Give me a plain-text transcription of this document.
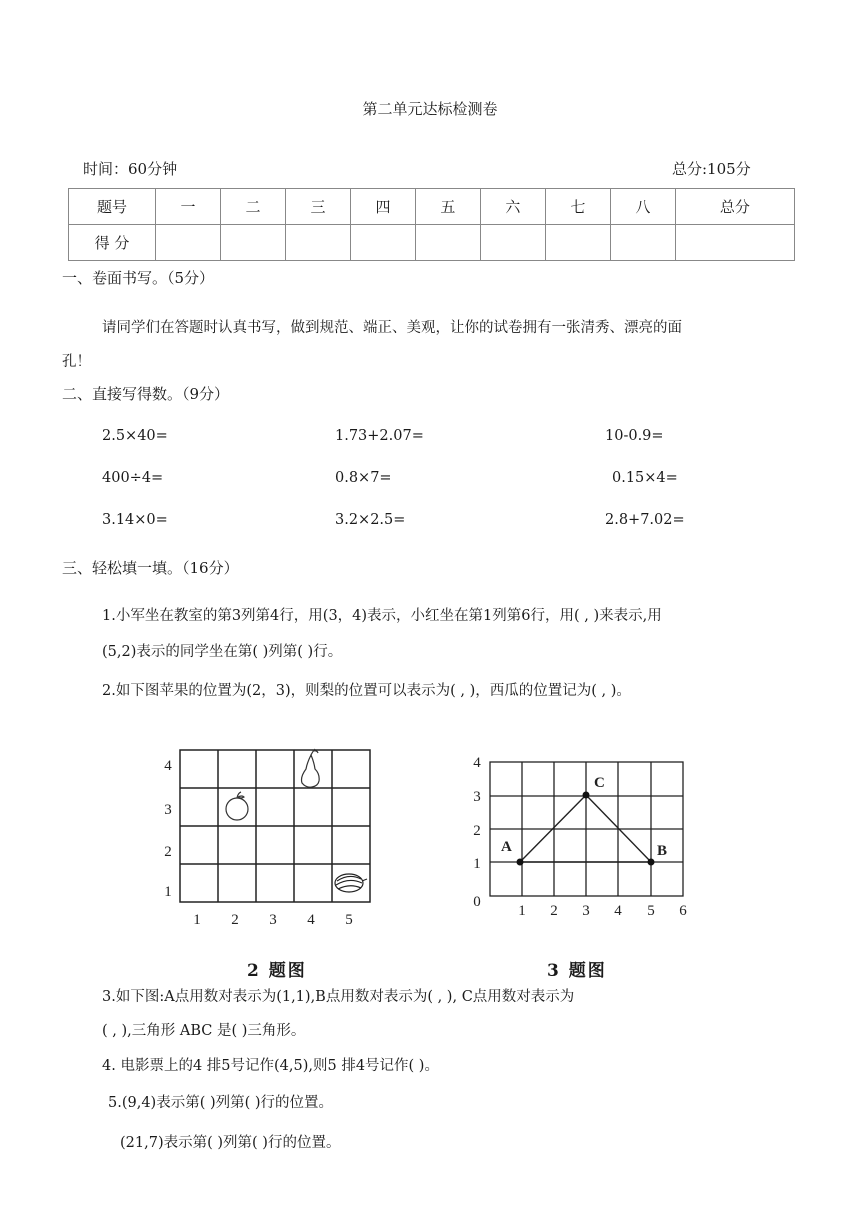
第二单元达标检测卷
时间：60分钟	总分:105分
题号	一	二	三	四	五	六	七	八	总分
得 分									
一、卷面书写。（5分）
请同学们在答题时认真书写，做到规范、端正、美观，让你的试卷拥有一张清秀、漂亮的面
孔！
二、直接写得数。（9分）
2.5×40=	1.73+2.07=	10-0.9=
400÷4=	0.8×7=	0.15×4=
3.14×0=	3.2×2.5=	2.8+7.02=
三、轻松填一填。（16分）
1.小军坐在教室的第3列第4行，用(3，4)表示，小红坐在第1列第6行，用( , )来表示,用
(5,2)表示的同学坐在第( )列第( )行。
2.如下图苹果的位置为(2，3)，则梨的位置可以表示为( , )，西瓜的位置记为( , )。
1 2 3 4 5
1
2
3
4
2 题图
A	B
C
1 2 3 4 5 6
0
1
2
3
4
3 题图
3.如下图:A点用数对表示为(1,1),B点用数对表示为( , ), C点用数对表示为
( , ),三角形 ABC 是( )三角形。
4. 电影票上的4 排5号记作(4,5),则5 排4号记作( )。
5.(9,4)表示第( )列第( )行的位置。
(21,7)表示第( )列第( )行的位置。
